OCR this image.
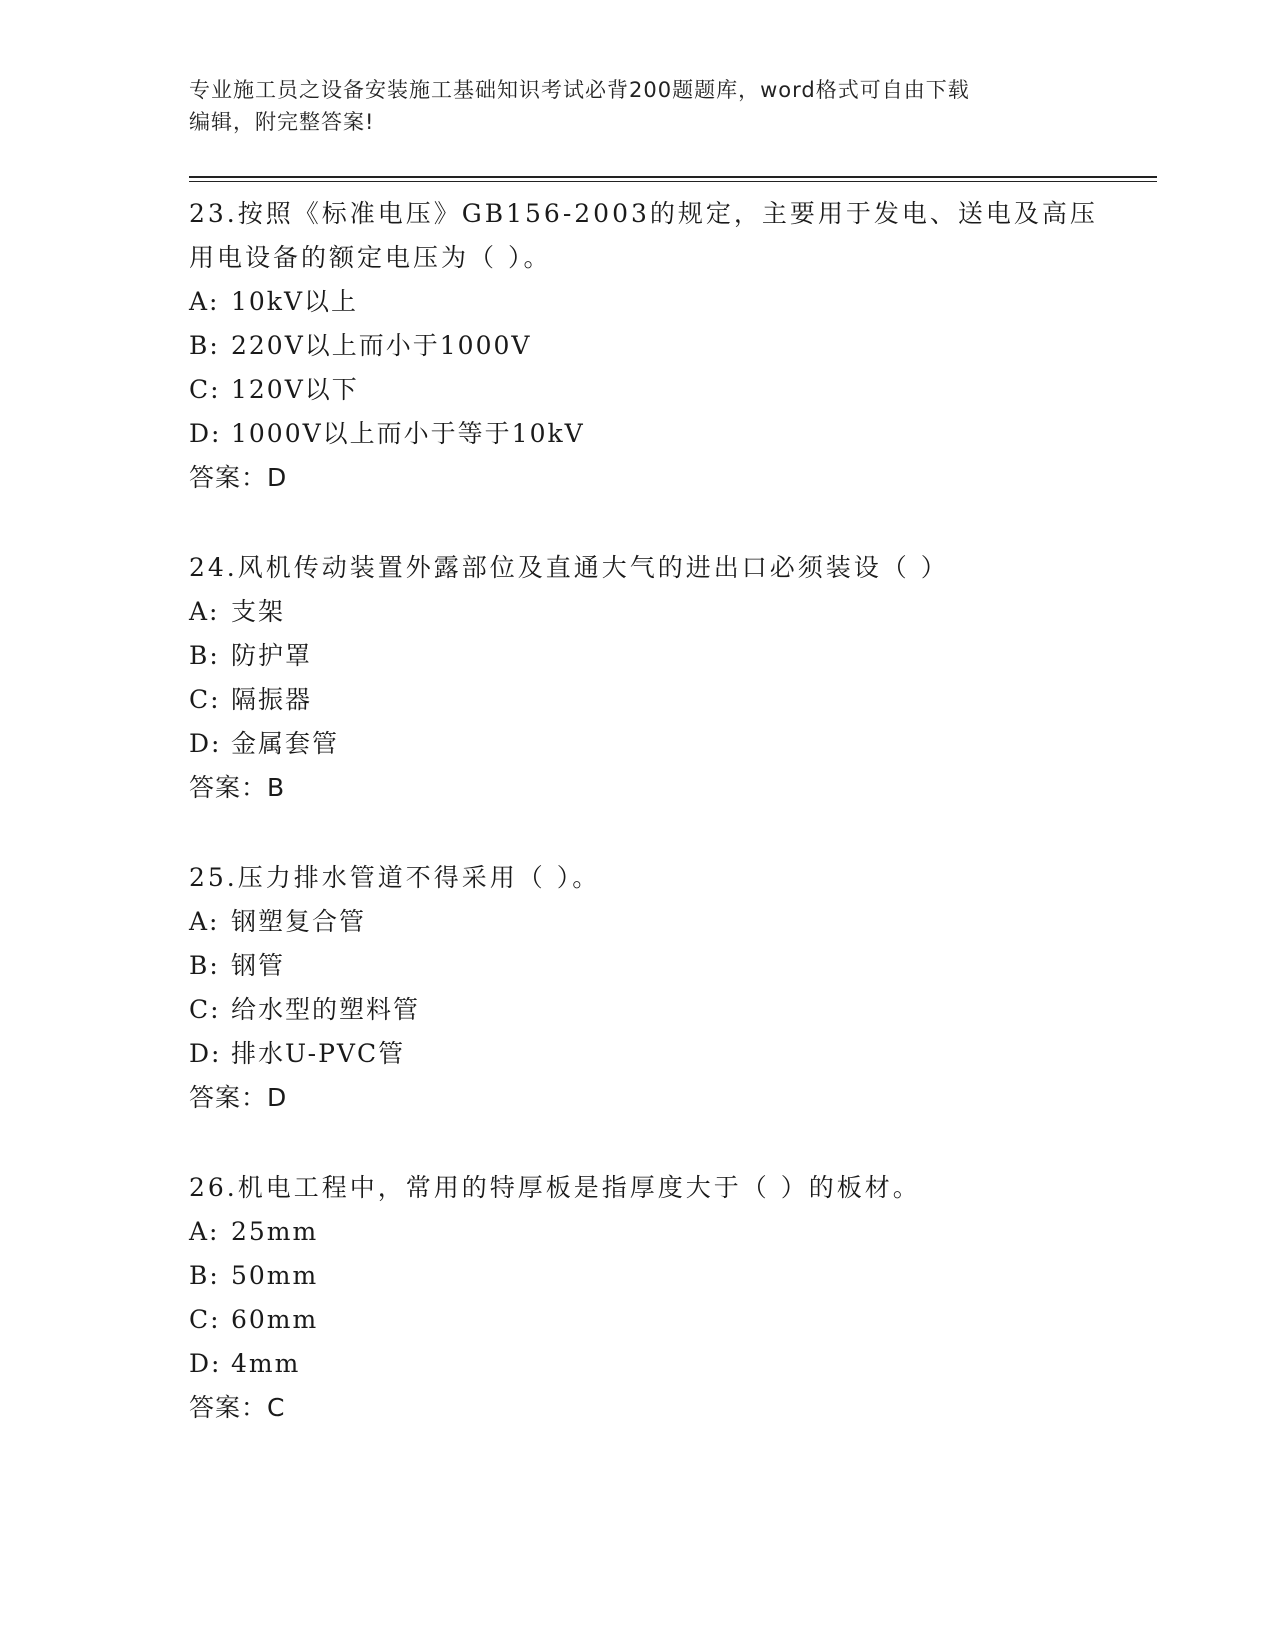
专业施工员之设备安装施工基础知识考试必背200题题库，word格式可自由下载
编辑，附完整答案!

23.按照《标准电压》GB156-2003的规定，主要用于发电、送电及高压

用电设备的额定电压为（ ）。

A: 10kV以上

B: 220V以上而小于1000V

C: 120V以下

D: 1000V以上而小于等于10kV

答案：D

24.风机传动装置外露部位及直通大气的进出口必须装设（ ）

A: 支架

B: 防护罩

C: 隔振器

D: 金属套管

答案：B

25.压力排水管道不得采用（ ）。

A: 钢塑复合管

B: 钢管

C: 给水型的塑料管

D: 排水U-PVC管

答案：D

26.机电工程中，常用的特厚板是指厚度大于（ ）的板材。

A: 25mm

B: 50mm

C: 60mm

D: 4mm

答案：C
